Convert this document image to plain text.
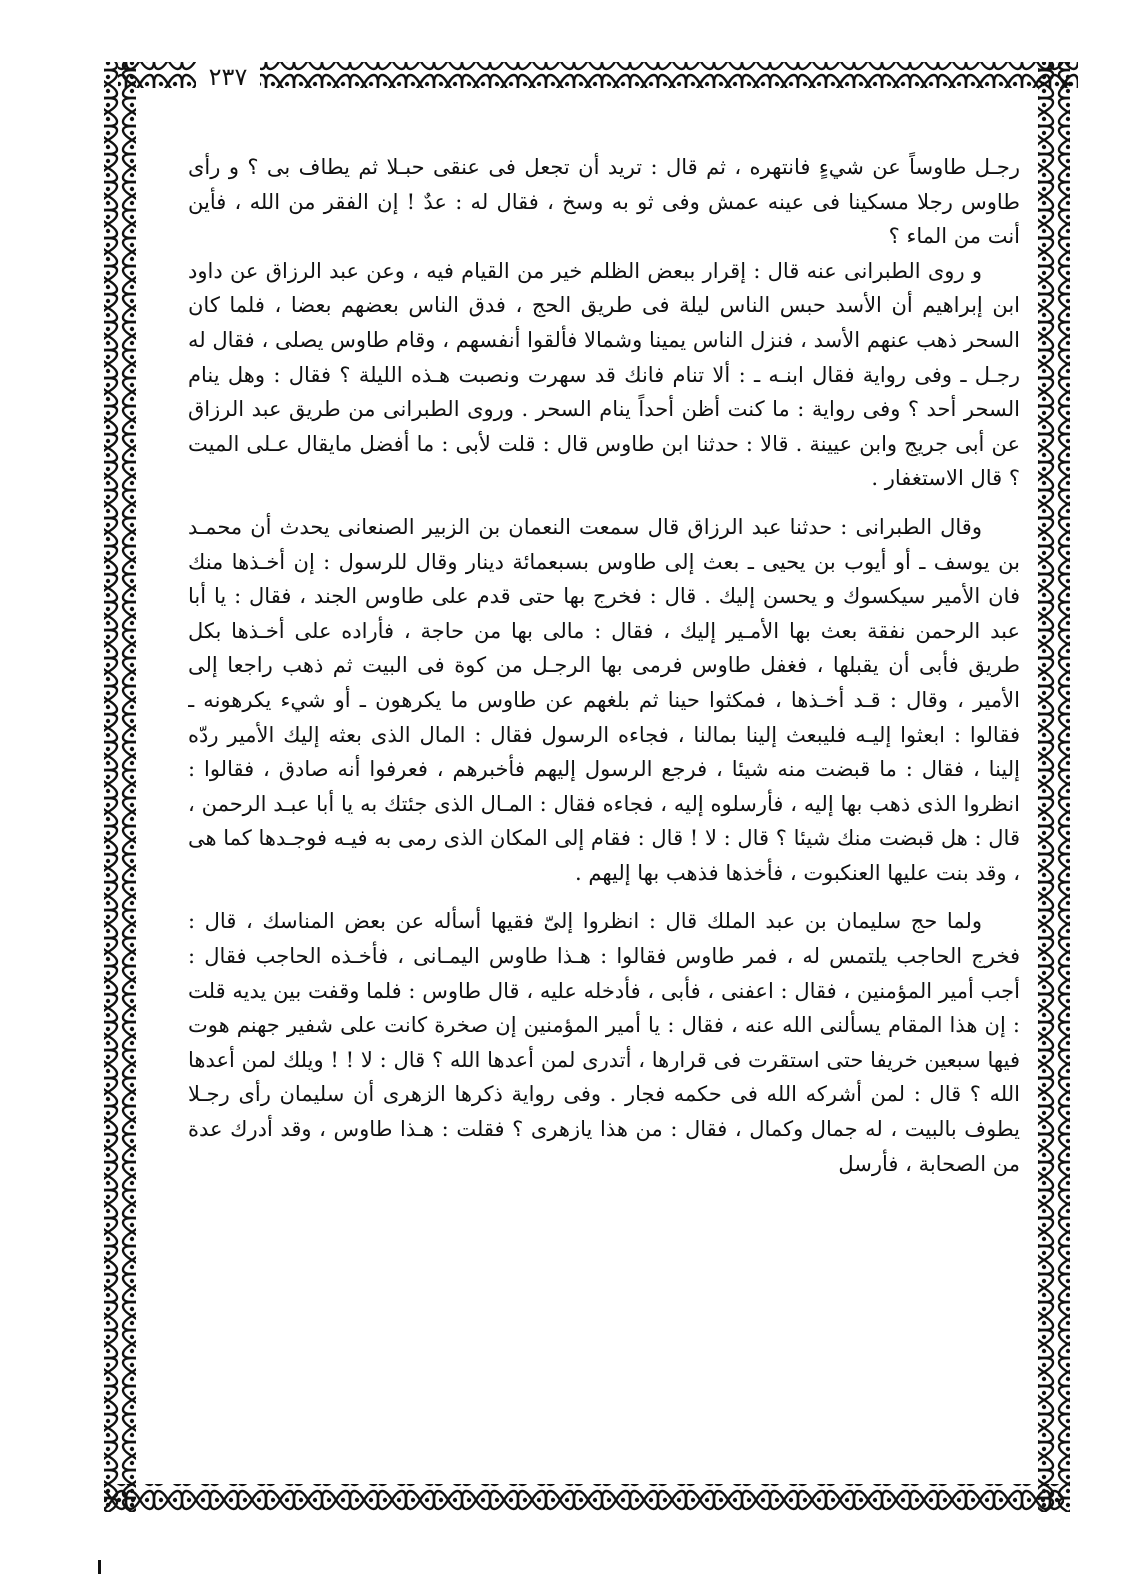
٢٣٧

رجـل طاوساً عن شيءٍ فانتهره ، ثم قال : تريد أن تجعل فى عنقى حبـلا ثم يطاف بى ؟ و رأى طاوس رجلا مسكينا فى عينه عمش وفى ثو به وسخ ، فقال له : عدٌ ! إن الفقر من الله ، فأين أنت من الماء ؟

و روى الطبرانى عنه قال : إقرار ببعض الظلم خير من القيام فيه ، وعن عبد الرزاق عن داود ابن إبراهيم أن الأسد حبس الناس ليلة فى طريق الحج ، فدق الناس بعضهم بعضا ، فلما كان السحر ذهب عنهم الأسد ، فنزل الناس يمينا وشمالا فألقوا أنفسهم ، وقام طاوس يصلى ، فقال له رجـل ـ وفى رواية فقال ابنـه ـ : ألا تنام فانك قد سهرت ونصبت هـذه الليلة ؟ فقال : وهل ينام السحر أحد ؟ وفى رواية : ما كنت أظن أحداً ينام السحر . وروى الطبرانى من طريق عبد الرزاق عن أبى جريج وابن عيينة . قالا : حدثنا ابن طاوس قال : قلت لأبى : ما أفضل مايقال عـلى الميت ؟ قال الاستغفار .

وقال الطبرانى : حدثنا عبد الرزاق قال سمعت النعمان بن الزبير الصنعانى يحدث أن محمـد بن يوسف ـ أو أيوب بن يحيى ـ بعث إلى طاوس بسبعمائة دينار وقال للرسول : إن أخـذها منك فان الأمير سيكسوك و يحسن إليك . قال : فخرج بها حتى قدم على طاوس الجند ، فقال : يا أبا عبد الرحمن نفقة بعث بها الأمـير إليك ، فقال : مالى بها من حاجة ، فأراده على أخـذها بكل طريق فأبى أن يقبلها ، فغفل طاوس فرمى بها الرجـل من كوة فى البيت ثم ذهب راجعا إلى الأمير ، وقال : قـد أخـذها ، فمكثوا حينا ثم بلغهم عن طاوس ما يكرهون ـ أو شيء يكرهونه ـ فقالوا : ابعثوا إليـه فليبعث إلينا بمالنا ، فجاءه الرسول فقال : المال الذى بعثه إليك الأمير ردّه إلينا ، فقال : ما قبضت منه شيئا ، فرجع الرسول إليهم فأخبرهم ، فعرفوا أنه صادق ، فقالوا : انظروا الذى ذهب بها إليه ، فأرسلوه إليه ، فجاءه فقال : المـال الذى جئتك به يا أبا عبـد الرحمن ، قال : هل قبضت منك شيئا ؟ قال : لا ! قال : فقام إلى المكان الذى رمى به فيـه فوجـدها كما هى ، وقد بنت عليها العنكبوت ، فأخذها فذهب بها إليهم .

ولما حج سليمان بن عبد الملك قال : انظروا إلىّ فقيها أسأله عن بعض المناسك ، قال : فخرج الحاجب يلتمس له ، فمر طاوس فقالوا : هـذا طاوس اليمـانى ، فأخـذه الحاجب فقال : أجب أمير المؤمنين ، فقال : اعفنى ، فأبى ، فأدخله عليه ، قال طاوس : فلما وقفت بين يديه قلت : إن هذا المقام يسألنى الله عنه ، فقال : يا أمير المؤمنين إن صخرة كانت على شفير جهنم هوت فيها سبعين خريفا حتى استقرت فى قرارها ، أتدرى لمن أعدها الله ؟ قال : لا ! ! ويلك لمن أعدها الله ؟ قال : لمن أشركه الله فى حكمه فجار . وفى رواية ذكرها الزهرى أن سليمان رأى رجـلا يطوف بالبيت ، له جمال وكمال ، فقال : من هذا يازهرى ؟ فقلت : هـذا طاوس ، وقد أدرك عدة من الصحابة ، فأرسل
